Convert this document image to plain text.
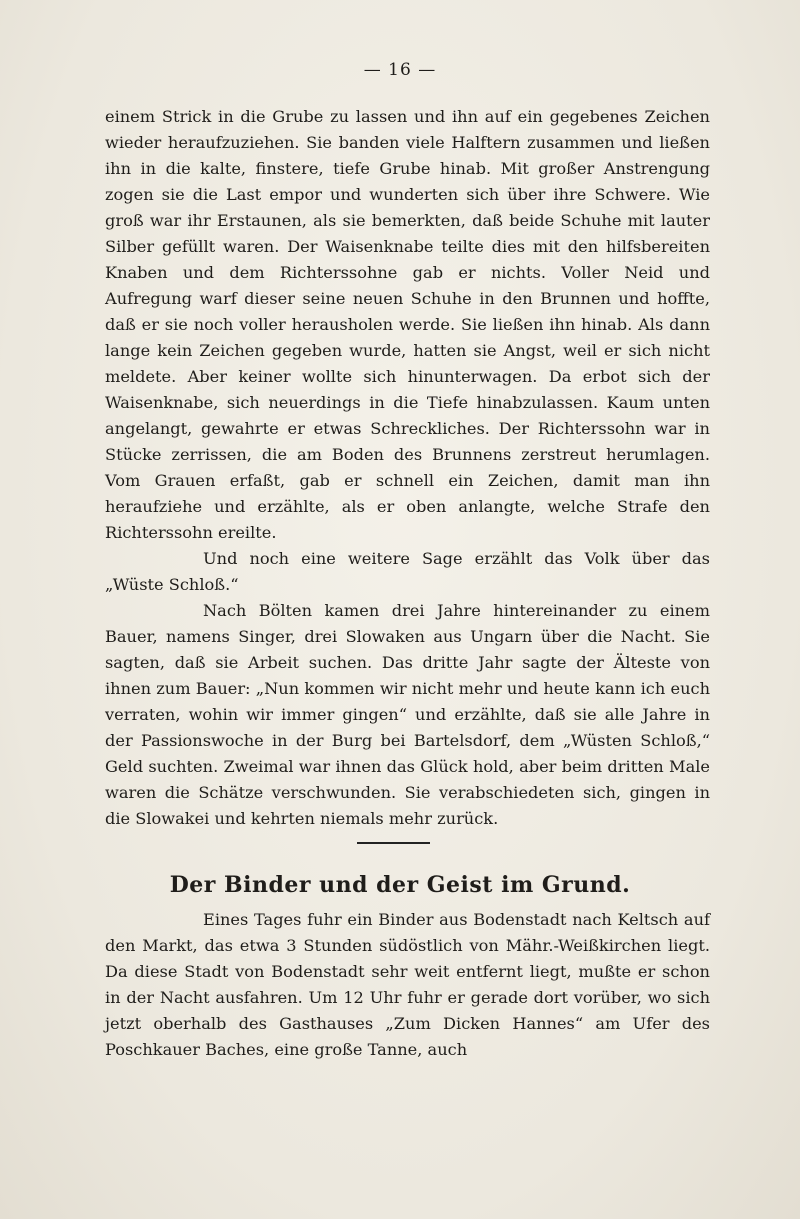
— 16 —

einem Strick in die Grube zu lassen und ihn auf ein gegebenes Zeichen wieder heraufzuziehen. Sie banden viele Halftern zusammen und ließen ihn in die kalte, finstere, tiefe Grube hinab. Mit großer Anstrengung zogen sie die Last empor und wunderten sich über ihre Schwere. Wie groß war ihr Erstaunen, als sie bemerkten, daß beide Schuhe mit lauter Silber gefüllt waren. Der Waisenknabe teilte dies mit den hilfsbereiten Knaben und dem Richterssohne gab er nichts. Voller Neid und Aufregung warf dieser seine neuen Schuhe in den Brunnen und hoffte, daß er sie noch voller herausholen werde. Sie ließen ihn hinab. Als dann lange kein Zeichen gegeben wurde, hatten sie Angst, weil er sich nicht meldete. Aber keiner wollte sich hinunterwagen. Da erbot sich der Waisenknabe, sich neuerdings in die Tiefe hinabzulassen. Kaum unten angelangt, gewahrte er etwas Schreckliches. Der Richterssohn war in Stücke zerrissen, die am Boden des Brunnens zerstreut herumlagen. Vom Grauen erfaßt, gab er schnell ein Zeichen, damit man ihn heraufziehe und erzählte, als er oben anlangte, welche Strafe den Richterssohn ereilte.

Und noch eine weitere Sage erzählt das Volk über das „Wüste Schloß.“

Nach Bölten kamen drei Jahre hintereinander zu einem Bauer, namens Singer, drei Slowaken aus Ungarn über die Nacht. Sie sagten, daß sie Arbeit suchen. Das dritte Jahr sagte der Älteste von ihnen zum Bauer: „Nun kommen wir nicht mehr und heute kann ich euch verraten, wohin wir immer gingen“ und erzählte, daß sie alle Jahre in der Passionswoche in der Burg bei Bartelsdorf, dem „Wüsten Schloß,“ Geld suchten. Zweimal war ihnen das Glück hold, aber beim dritten Male waren die Schätze verschwunden. Sie verabschiedeten sich, gingen in die Slowakei und kehrten niemals mehr zurück.

Der Binder und der Geist im Grund.

Eines Tages fuhr ein Binder aus Bodenstadt nach Keltsch auf den Markt, das etwa 3 Stunden südöstlich von Mähr.-Weißkirchen liegt. Da diese Stadt von Bodenstadt sehr weit entfernt liegt, mußte er schon in der Nacht ausfahren. Um 12 Uhr fuhr er gerade dort vorüber, wo sich jetzt oberhalb des Gasthauses „Zum Dicken Hannes“ am Ufer des Poschkauer Baches, eine große Tanne, auch
